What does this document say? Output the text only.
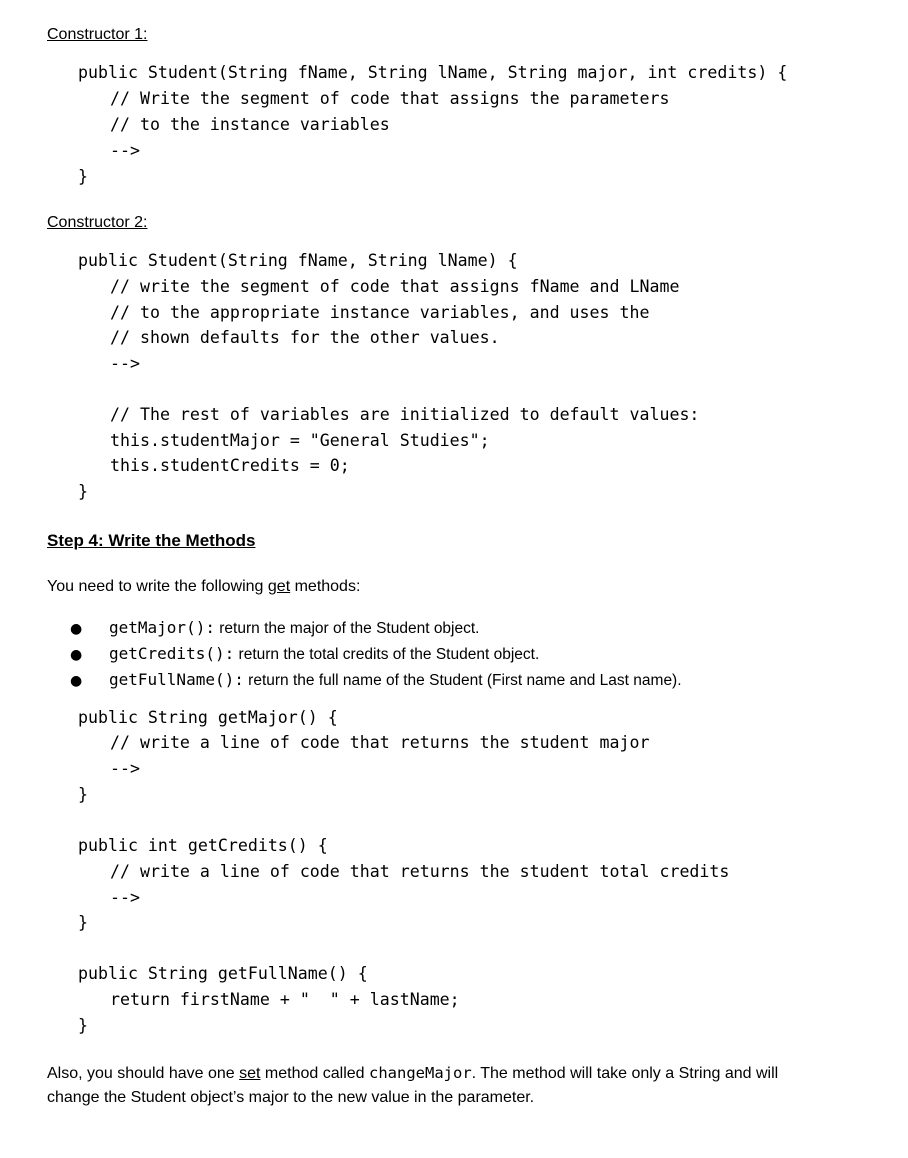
Constructor 1:
public Student(String fName, String lName, String major, int credits) {
// Write the segment of code that assigns the parameters
// to the instance variables
-->
}
Constructor 2:
public Student(String fName, String lName) {
// write the segment of code that assigns fName and LName
// to the appropriate instance variables, and uses the
// shown defaults for the other values.
-->
// The rest of variables are initialized to default values:
this.studentMajor = "General Studies";
this.studentCredits = 0;
}
Step 4: Write the Methods
You need to write the following get methods:
● getMajor(): return the major of the Student object.
● getCredits(): return the total credits of the Student object.
● getFullName(): return the full name of the Student (First name and Last name).
public String getMajor() {
// write a line of code that returns the student major
-->
}
public int getCredits() {
// write a line of code that returns the student total credits
-->
}
public String getFullName() {
return firstName + "  " + lastName;
}
Also, you should have one set method called changeMajor. The method will take only a String and will
change the Student object’s major to the new value in the parameter.
